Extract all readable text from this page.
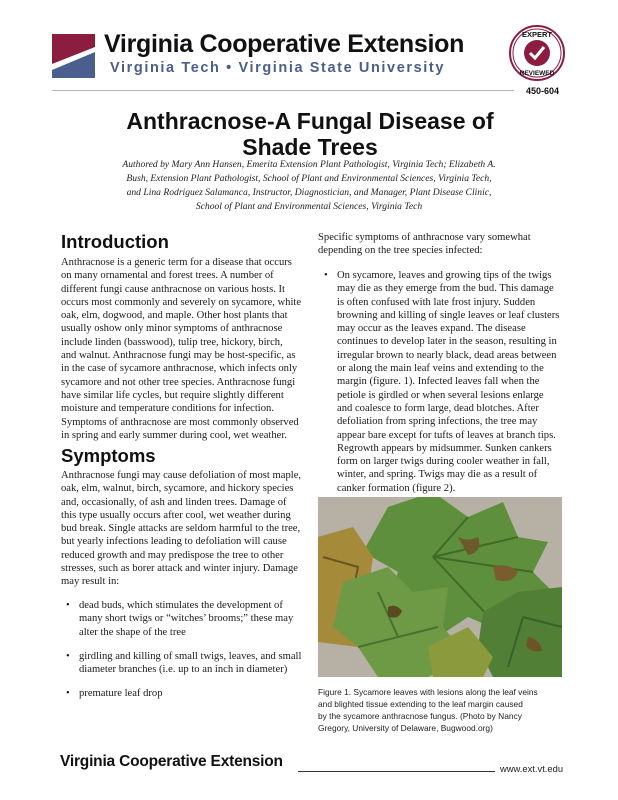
Virginia Cooperative Extension
Virginia Tech • Virginia State University
EXPERT
REVIEWED
450-604
Anthracnose-A Fungal Disease of
Shade Trees
Authored by Mary Ann Hansen, Emerita Extension Plant Pathologist, Virginia Tech; Elizabeth A.
Bush, Extension Plant Pathologist, School of Plant and Environmental Sciences, Virginia Tech,
and Lina Rodriguez Salamanca, Instructor, Diagnostician, and Manager, Plant Disease Clinic,
School of Plant and Environmental Sciences, Virginia Tech
Introduction
Anthracnose is a generic term for a disease that occurs
on many ornamental and forest trees. A number of
different fungi cause anthracnose on various hosts. It
occurs most commonly and severely on sycamore, white
oak, elm, dogwood, and maple. Other host plants that
usually oshow only minor symptoms of anthracnose
include linden (basswood), tulip tree, hickory, birch,
and walnut. Anthracnose fungi may be host-specific, as
in the case of sycamore anthracnose, which infects only
sycamore and not other tree species. Anthracnose fungi
have similar life cycles, but require slightly different
moisture and temperature conditions for infection.
Symptoms of anthracnose are most commonly observed
in spring and early summer during cool, wet weather.
Symptoms
Anthracnose fungi may cause defoliation of most maple,
oak, elm, walnut, birch, sycamore, and hickory species
and, occasionally, of ash and linden trees. Damage of
this type usually occurs after cool, wet weather during
bud break. Single attacks are seldom harmful to the tree,
but yearly infections leading to defoliation will cause
reduced growth and may predispose the tree to other
stresses, such as borer attack and winter injury. Damage
may result in:
• dead buds, which stimulates the development of
many short twigs or “witches’ brooms;” these may
alter the shape of the tree
• girdling and killing of small twigs, leaves, and small
diameter branches (i.e. up to an inch in diameter)
• premature leaf drop
Specific symptoms of anthracnose vary somewhat
depending on the tree species infected:
• On sycamore, leaves and growing tips of the twigs
may die as they emerge from the bud. This damage
is often confused with late frost injury. Sudden
browning and killing of single leaves or leaf clusters
may occur as the leaves expand. The disease
continues to develop later in the season, resulting in
irregular brown to nearly black, dead areas between
or along the main leaf veins and extending to the
margin (figure. 1). Infected leaves fall when the
petiole is girdled or when several lesions enlarge
and coalesce to form large, dead blotches. After
defoliation from spring infections, the tree may
appear bare except for tufts of leaves at branch tips.
Regrowth appears by midsummer. Sunken cankers
form on larger twigs during cooler weather in fall,
winter, and spring. Twigs may die as a result of
canker formation (figure 2).
Figure 1. Sycamore leaves with lesions along the leaf veins
and blighted tissue extending to the leaf margin caused
by the sycamore anthracnose fungus. (Photo by Nancy
Gregory, University of Delaware, Bugwood.org)
Virginia Cooperative Extension	www.ext.vt.edu
